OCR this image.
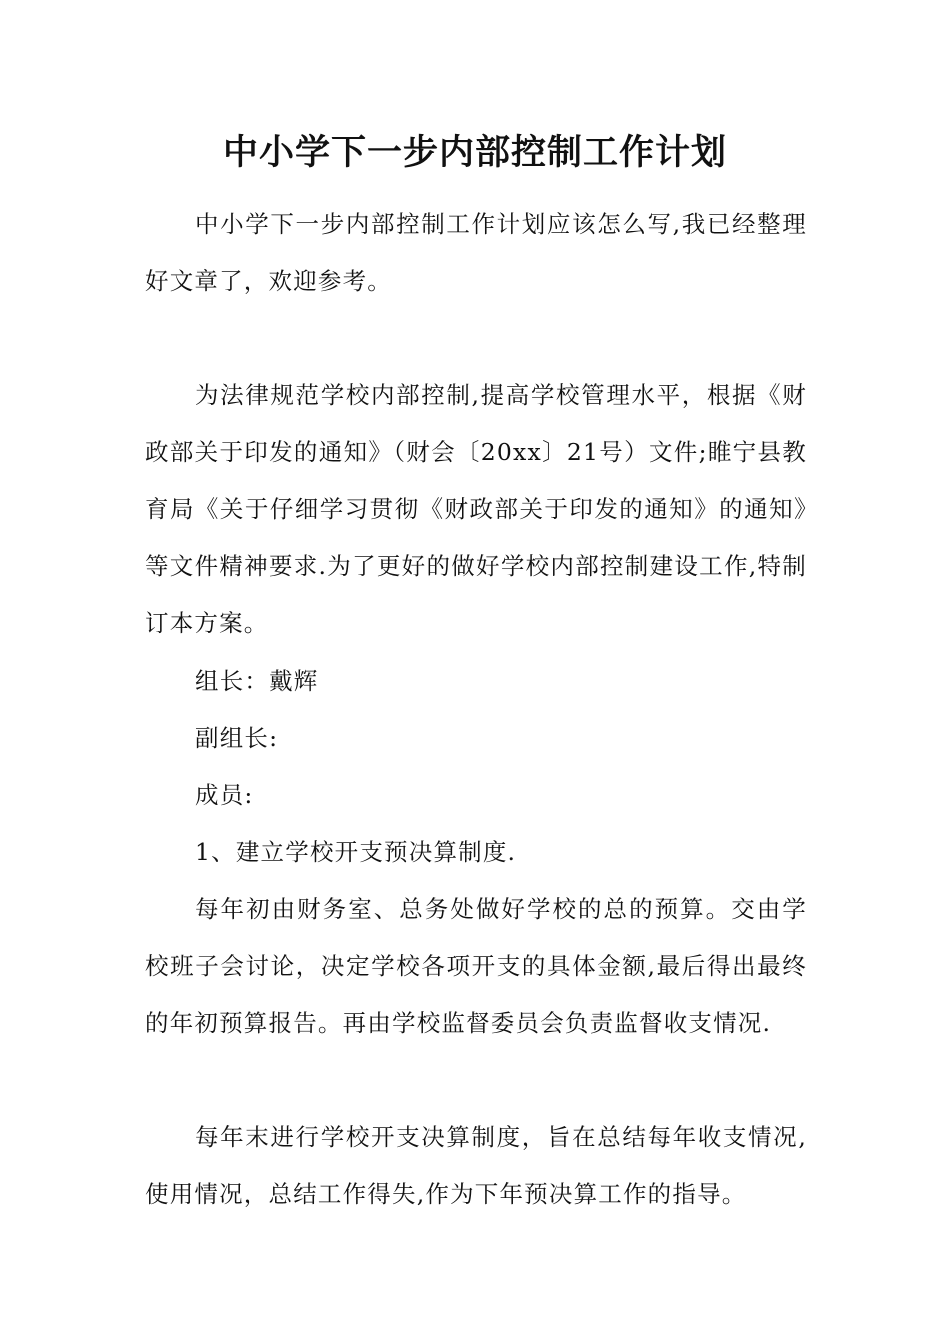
中小学下一步内部控制工作计划

中小学下一步内部控制工作计划应该怎么写,我已经整理好文章了，欢迎参考。

为法律规范学校内部控制,提高学校管理水平，根据《财政部关于印发的通知》（财会〔20xx〕21号）文件;睢宁县教育局《关于仔细学习贯彻《财政部关于印发的通知》的通知》等文件精神要求.为了更好的做好学校内部控制建设工作,特制订本方案。

组长：戴辉

副组长:

成员:

1、建立学校开支预决算制度.

每年初由财务室、总务处做好学校的总的预算。交由学校班子会讨论，决定学校各项开支的具体金额,最后得出最终的年初预算报告。再由学校监督委员会负责监督收支情况.

每年末进行学校开支决算制度，旨在总结每年收支情况,使用情况，总结工作得失,作为下年预决算工作的指导。
